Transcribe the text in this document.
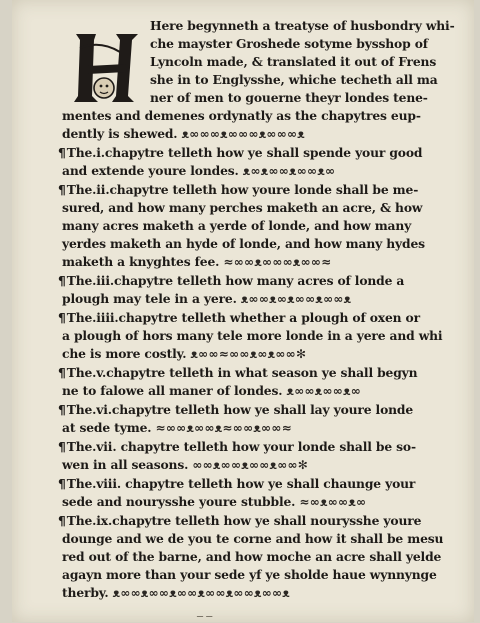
Here begynneth a treatyse of husbondry whi-
che mayster Groshede sotyme bysshop of
Lyncoln made, & translated it out of Frens
she in to Englysshe, whiche techeth all ma
ner of men to gouerne theyr londes tene-
mentes and demenes ordynatly as the chapytres eup-
dently is shewed. ᴥ∞∞∞ᴥ∞∞∞ᴥ∞∞∞ᴥ
¶The.i.chapytre telleth how ye shall spende your good
and extende youre londes. ᴥ∞ᴥ∞∞ᴥ∞∞ᴥ∞
¶The.ii.chapytre telleth how youre londe shall be me-
sured, and how many perches maketh an acre, & how
many acres maketh a yerde of londe, and how many
yerdes maketh an hyde of londe, and how many hydes
maketh a knyghtes fee. ≈∞∞ᴥ∞∞∞ᴥ∞∞≈
¶The.iii.chapytre telleth how many acres of londe a
plough may tele in a yere. ᴥ∞∞ᴥ∞ᴥ∞∞ᴥ∞∞ᴥ
¶The.iiii.chapytre telleth whether a plough of oxen or
a plough of hors many tele more londe in a yere and whi
che is more costly. ᴥ∞∞≈∞∞ᴥ∞ᴥ∞∞✻
¶The.v.chapytre telleth in what season ye shall begyn
ne to falowe all maner of londes. ᴥ∞∞ᴥ∞∞ᴥ∞
¶The.vi.chapytre telleth how ye shall lay youre londe
at sede tyme. ≈∞∞ᴥ∞∞ᴥ≈∞∞ᴥ∞∞≈
¶The.vii. chapytre telleth how your londe shall be so-
wen in all seasons. ∞∞ᴥ∞∞ᴥ∞∞ᴥ∞∞✻
¶The.viii. chapytre telleth how ye shall chaunge your
sede and nourysshe youre stubble. ≈∞ᴥ∞∞ᴥ∞
¶The.ix.chapytre telleth how ye shall nourysshe youre
dounge and we de you te corne and how it shall be mesu
red out of the barne, and how moche an acre shall yelde
agayn more than your sede yf ye sholde haue wynnynge
therby. ᴥ∞∞ᴥ∞∞ᴥ∞∞ᴥ∞∞ᴥ∞∞ᴥ∞∞ᴥ
─ ─
